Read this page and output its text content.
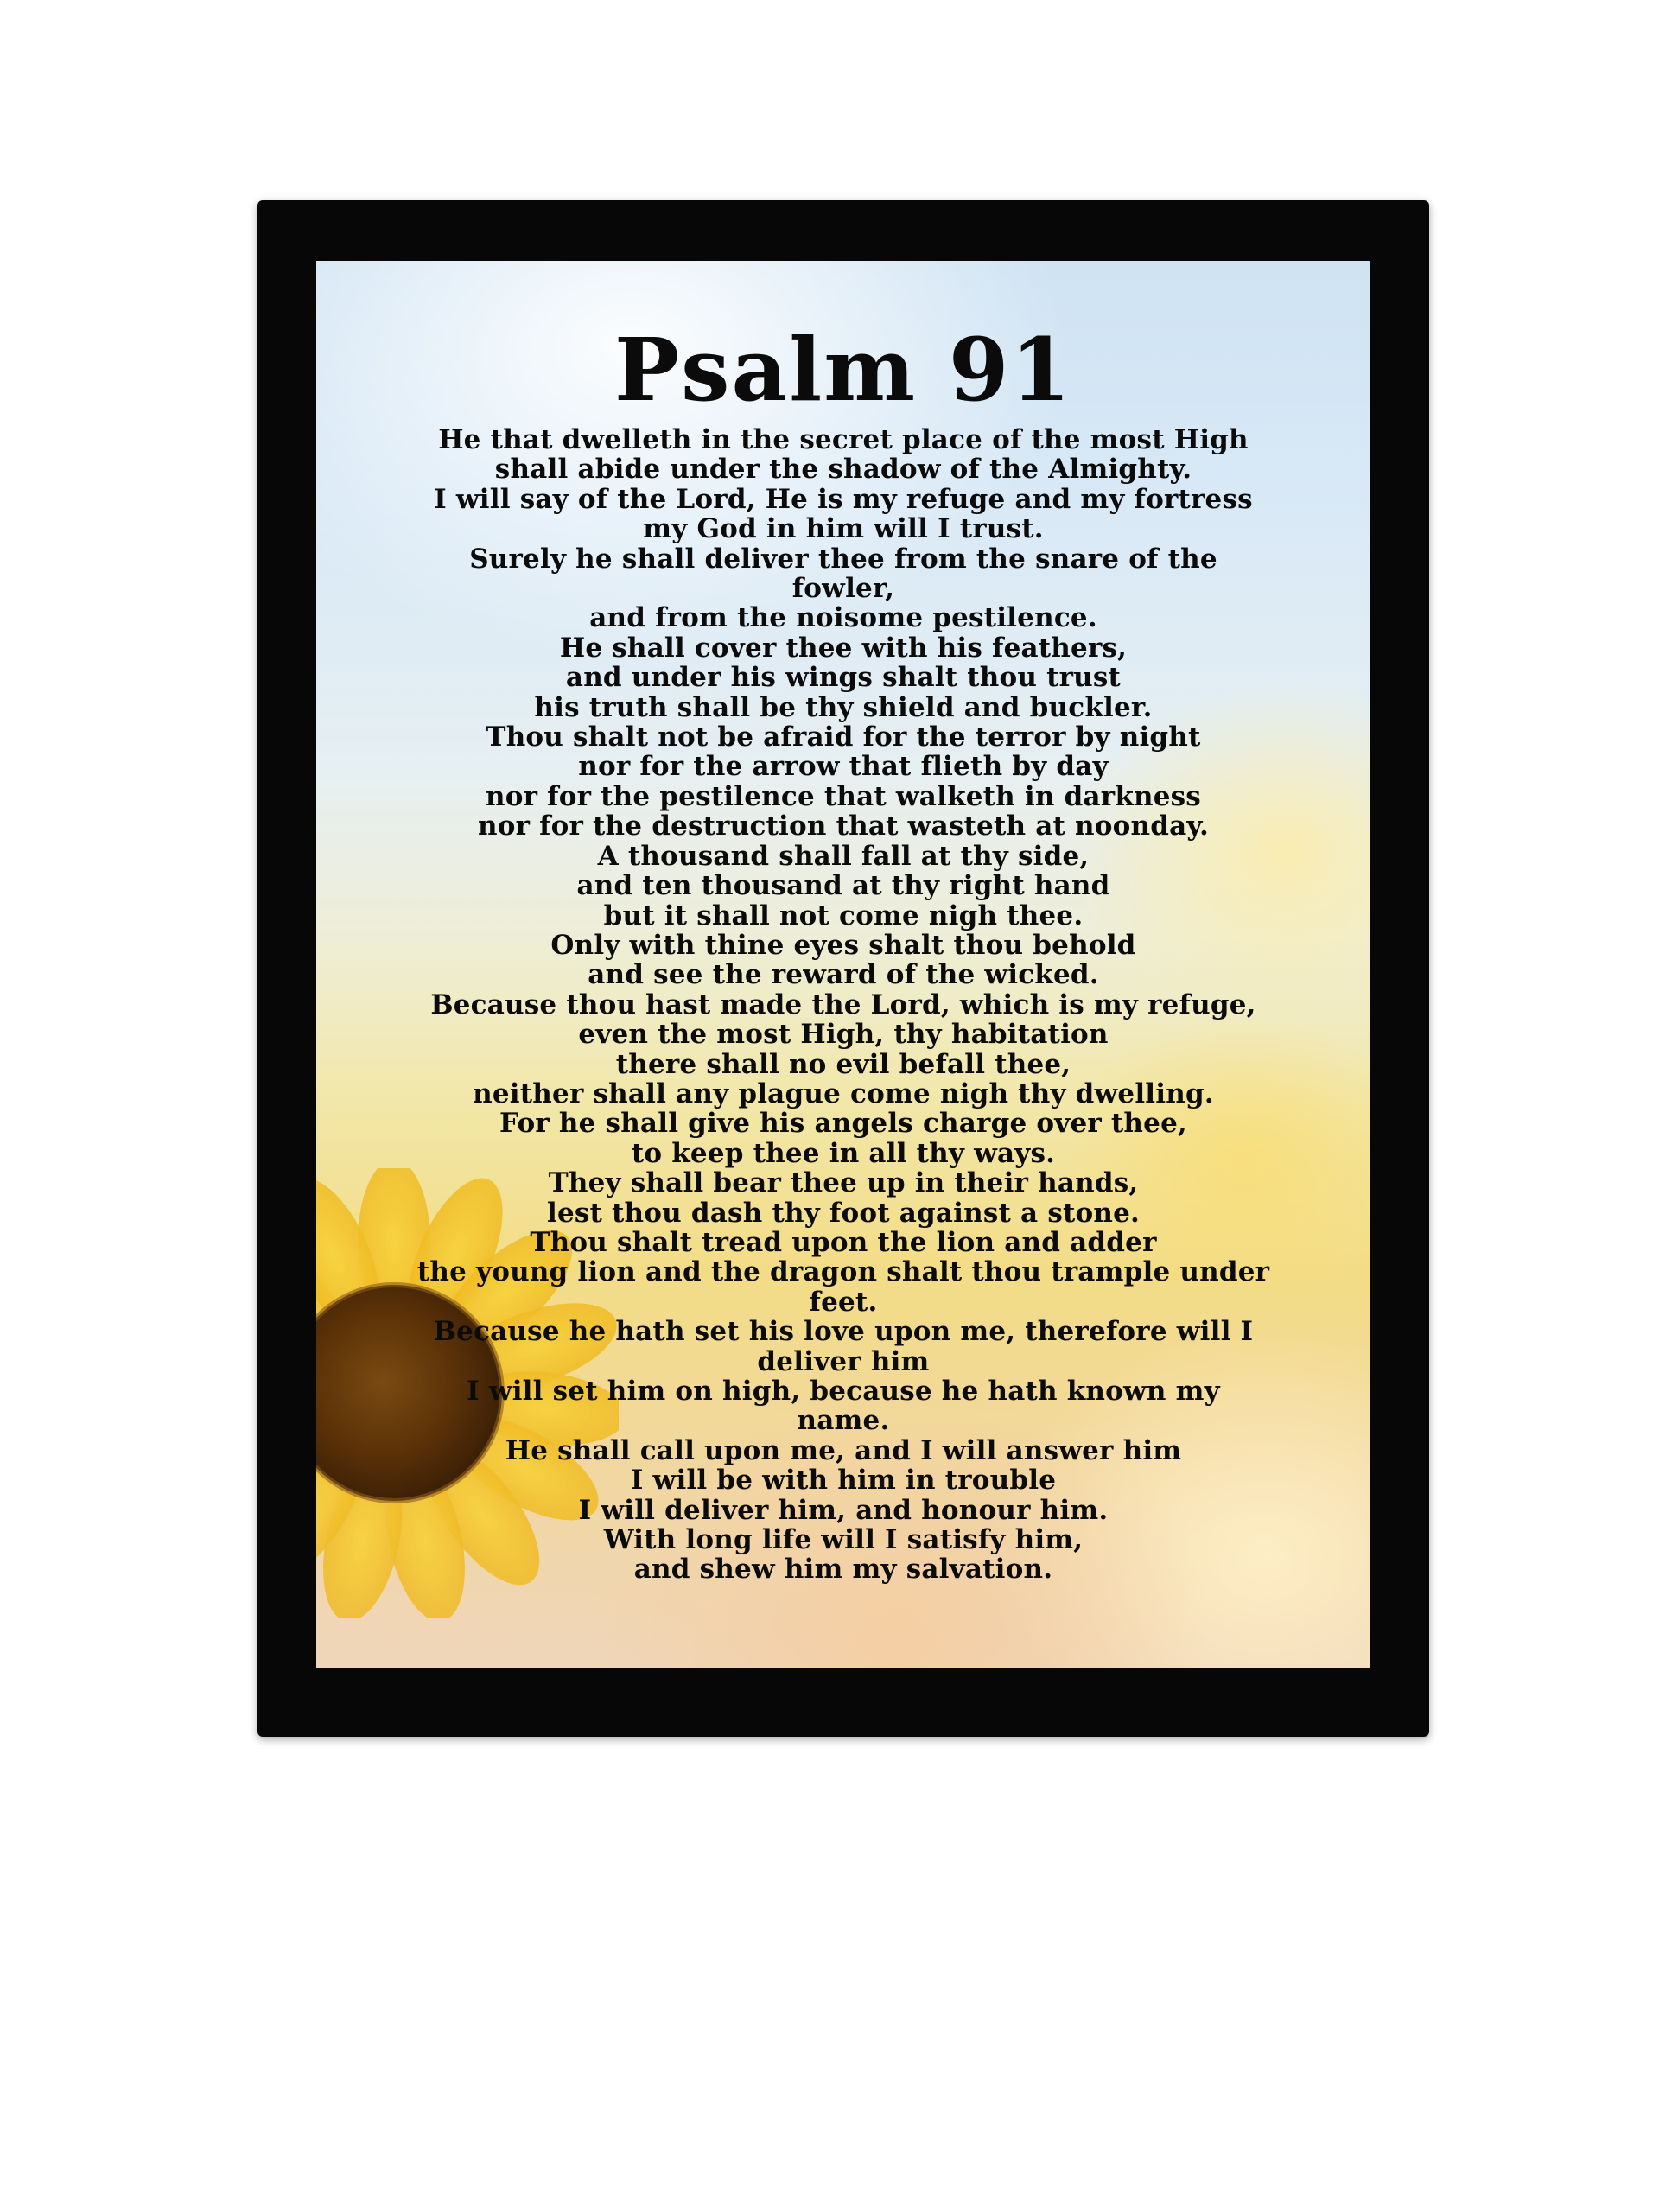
Psalm 91
He that dwelleth in the secret place of the most High
shall abide under the shadow of the Almighty.
I will say of the Lord, He is my refuge and my fortress
my God in him will I trust.
Surely he shall deliver thee from the snare of the
fowler,
and from the noisome pestilence.
He shall cover thee with his feathers,
and under his wings shalt thou trust
his truth shall be thy shield and buckler.
Thou shalt not be afraid for the terror by night
nor for the arrow that flieth by day
nor for the pestilence that walketh in darkness
nor for the destruction that wasteth at noonday.
A thousand shall fall at thy side,
and ten thousand at thy right hand
but it shall not come nigh thee.
Only with thine eyes shalt thou behold
and see the reward of the wicked.
Because thou hast made the Lord, which is my refuge,
even the most High, thy habitation
there shall no evil befall thee,
neither shall any plague come nigh thy dwelling.
For he shall give his angels charge over thee,
to keep thee in all thy ways.
They shall bear thee up in their hands,
lest thou dash thy foot against a stone.
Thou shalt tread upon the lion and adder
the young lion and the dragon shalt thou trample under
feet.
Because he hath set his love upon me, therefore will I
deliver him
I will set him on high, because he hath known my
name.
He shall call upon me, and I will answer him
I will be with him in trouble
I will deliver him, and honour him.
With long life will I satisfy him,
and shew him my salvation.
